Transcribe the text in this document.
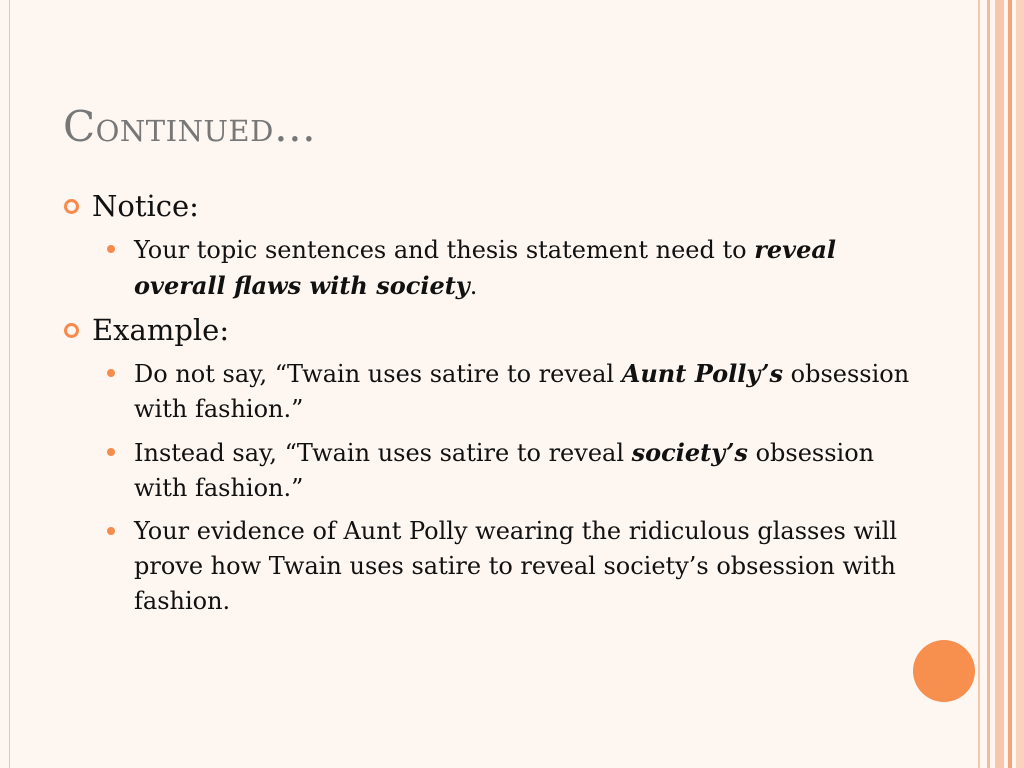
Continued…
Notice:
Your topic sentences and thesis statement need to reveal overall flaws with society.
Example:
Do not say, “Twain uses satire to reveal Aunt Polly’s obsession with fashion.”
Instead say, “Twain uses satire to reveal society’s obsession with fashion.”
Your evidence of Aunt Polly wearing the ridiculous glasses will prove how Twain uses satire to reveal society’s obsession with fashion.
